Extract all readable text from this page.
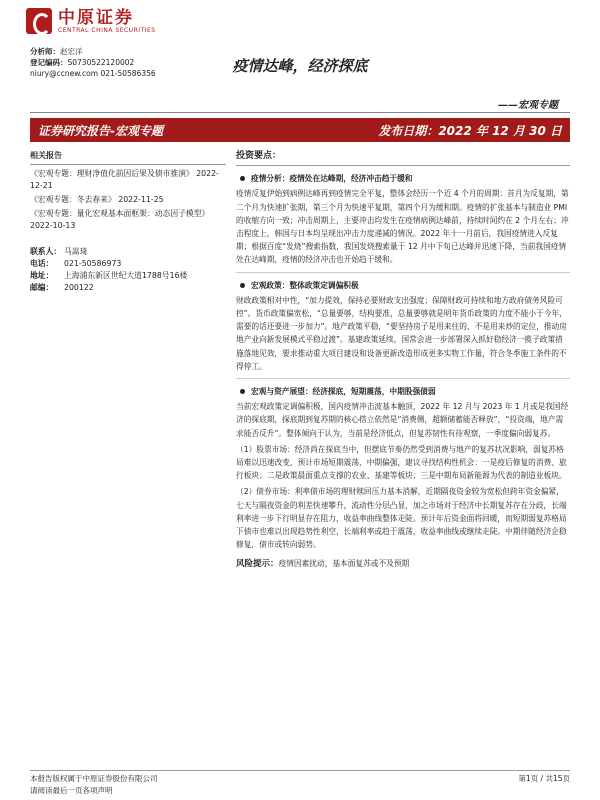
中原证券
CENTRAL CHINA SECURITIES
分析师：赵宏洋
登记编码：S0730522120002
niury@ccnew.com 021-50586356	疫情达峰，经济探底
——宏观专题
证券研究报告-宏观专题	发布日期：2022 年 12 月 30 日
相关报告
《宏观专题：理财净值化前因后果及债市推演》 2022-12-21
《宏观专题：冬去春来》 2022-11-25
《宏观专题：量化宏观基本面框架：动态因子模型》 2022-10-13
联系人： 马嵩琦
电话：	021-50586973
地址：	上海浦东新区世纪大道1788号16楼
邮编：	200122
投资要点：
疫情分析：疫情处在达峰期，经济冲击趋于缓和
疫情反复伊始到病例达峰再到疫情完全平复，整体会经历一个近 4 个月的周期：首月为反复期，第二个月为快速扩张期，第三个月为快速平复期，第四个月为缓和期。疫情的扩张基本与制造业 PMI 的收缩方向一致；冲击周期上，主要冲击均发生在疫情病例达峰前，持续时间约在 2 个月左右；冲击程度上，韩国与日本均呈现出冲击力度递减的情况。2022 年十一月前后，我国疫情进入反复期；根据百度“发烧”搜索指数，我国发烧搜索量于 12 月中下旬已达峰并迅速下降，当前我国疫情处在达峰期，疫情的经济冲击也开始趋于缓和。
宏观政策：整体政策定调偏积极
财政政策相对中性，“加力提效，保持必要财政支出强度；保障财政可持续和地方政府债务风险可控”。货币政策偏宽松，“总量要够，结构要准，总量要够就是明年货币政策的力度不能小于今年，需要的话还要进一步加力”。地产政策平稳，“要坚持房子是用来住的、不是用来炒的定位，推动房地产业向新发展模式平稳过渡”。基建政策延续，国常会进一步部署深入抓好稳经济一揽子政策措施落地见效，要求推动重大项目建设和设备更新改造形成更多实物工作量，符合冬季施工条件的不得停工。
宏观与资产展望：经济探底，短期震荡，中期股强债弱
当前宏观政策定调偏积极，国内疫情冲击波基本触顶，2022 年 12 月与 2023 年 1 月或是我国经济的探底期，探底期到复苏期的核心搭立依然是“消费侧，超额储蓄能否释放”，“投资端，地产需求能否反升”。整体倾向于认为，当前是经济低点，但复苏韧性有待观察，一季度偏向弱复苏。
（1）股票市场：经济尚在探底当中，但摆底节奏仍然受到消费与地产的复苏状况影响，弱复苏格局难以迅速改变，预计市场短期震荡，中期偏强，建议寻找结构性机会：一是疫后修复的消费、旅行板块；二是政策晨面重点支撑的农业、基建等板块；三是中期布局新能源为代表的制造业板块。
（2）债券市场：利率债市场的理财赎回压力基本消解，近期隔夜资金较为宽松但跨年资金偏紧，七天与隔夜资金的利差快速攀升，流动性分层凸显，加之市场对于经济中长期复苏存在分歧，长端利率进一步下行明显存在阻力，收益率曲线整体走陡。预计年后资金面将回暖，而短期弱复苏格局下债市也难以出现趋势性利空，长端利率或趋于震荡，收益率曲线或继续走陡。中期伴随经济企稳修复，债市或转向弱势。
风险提示：疫情因素扰动，基本面复苏或不及预期
本报告版权属于中原证券股份有限公司
请阅读最后一页各项声明
第1页 / 共15页
